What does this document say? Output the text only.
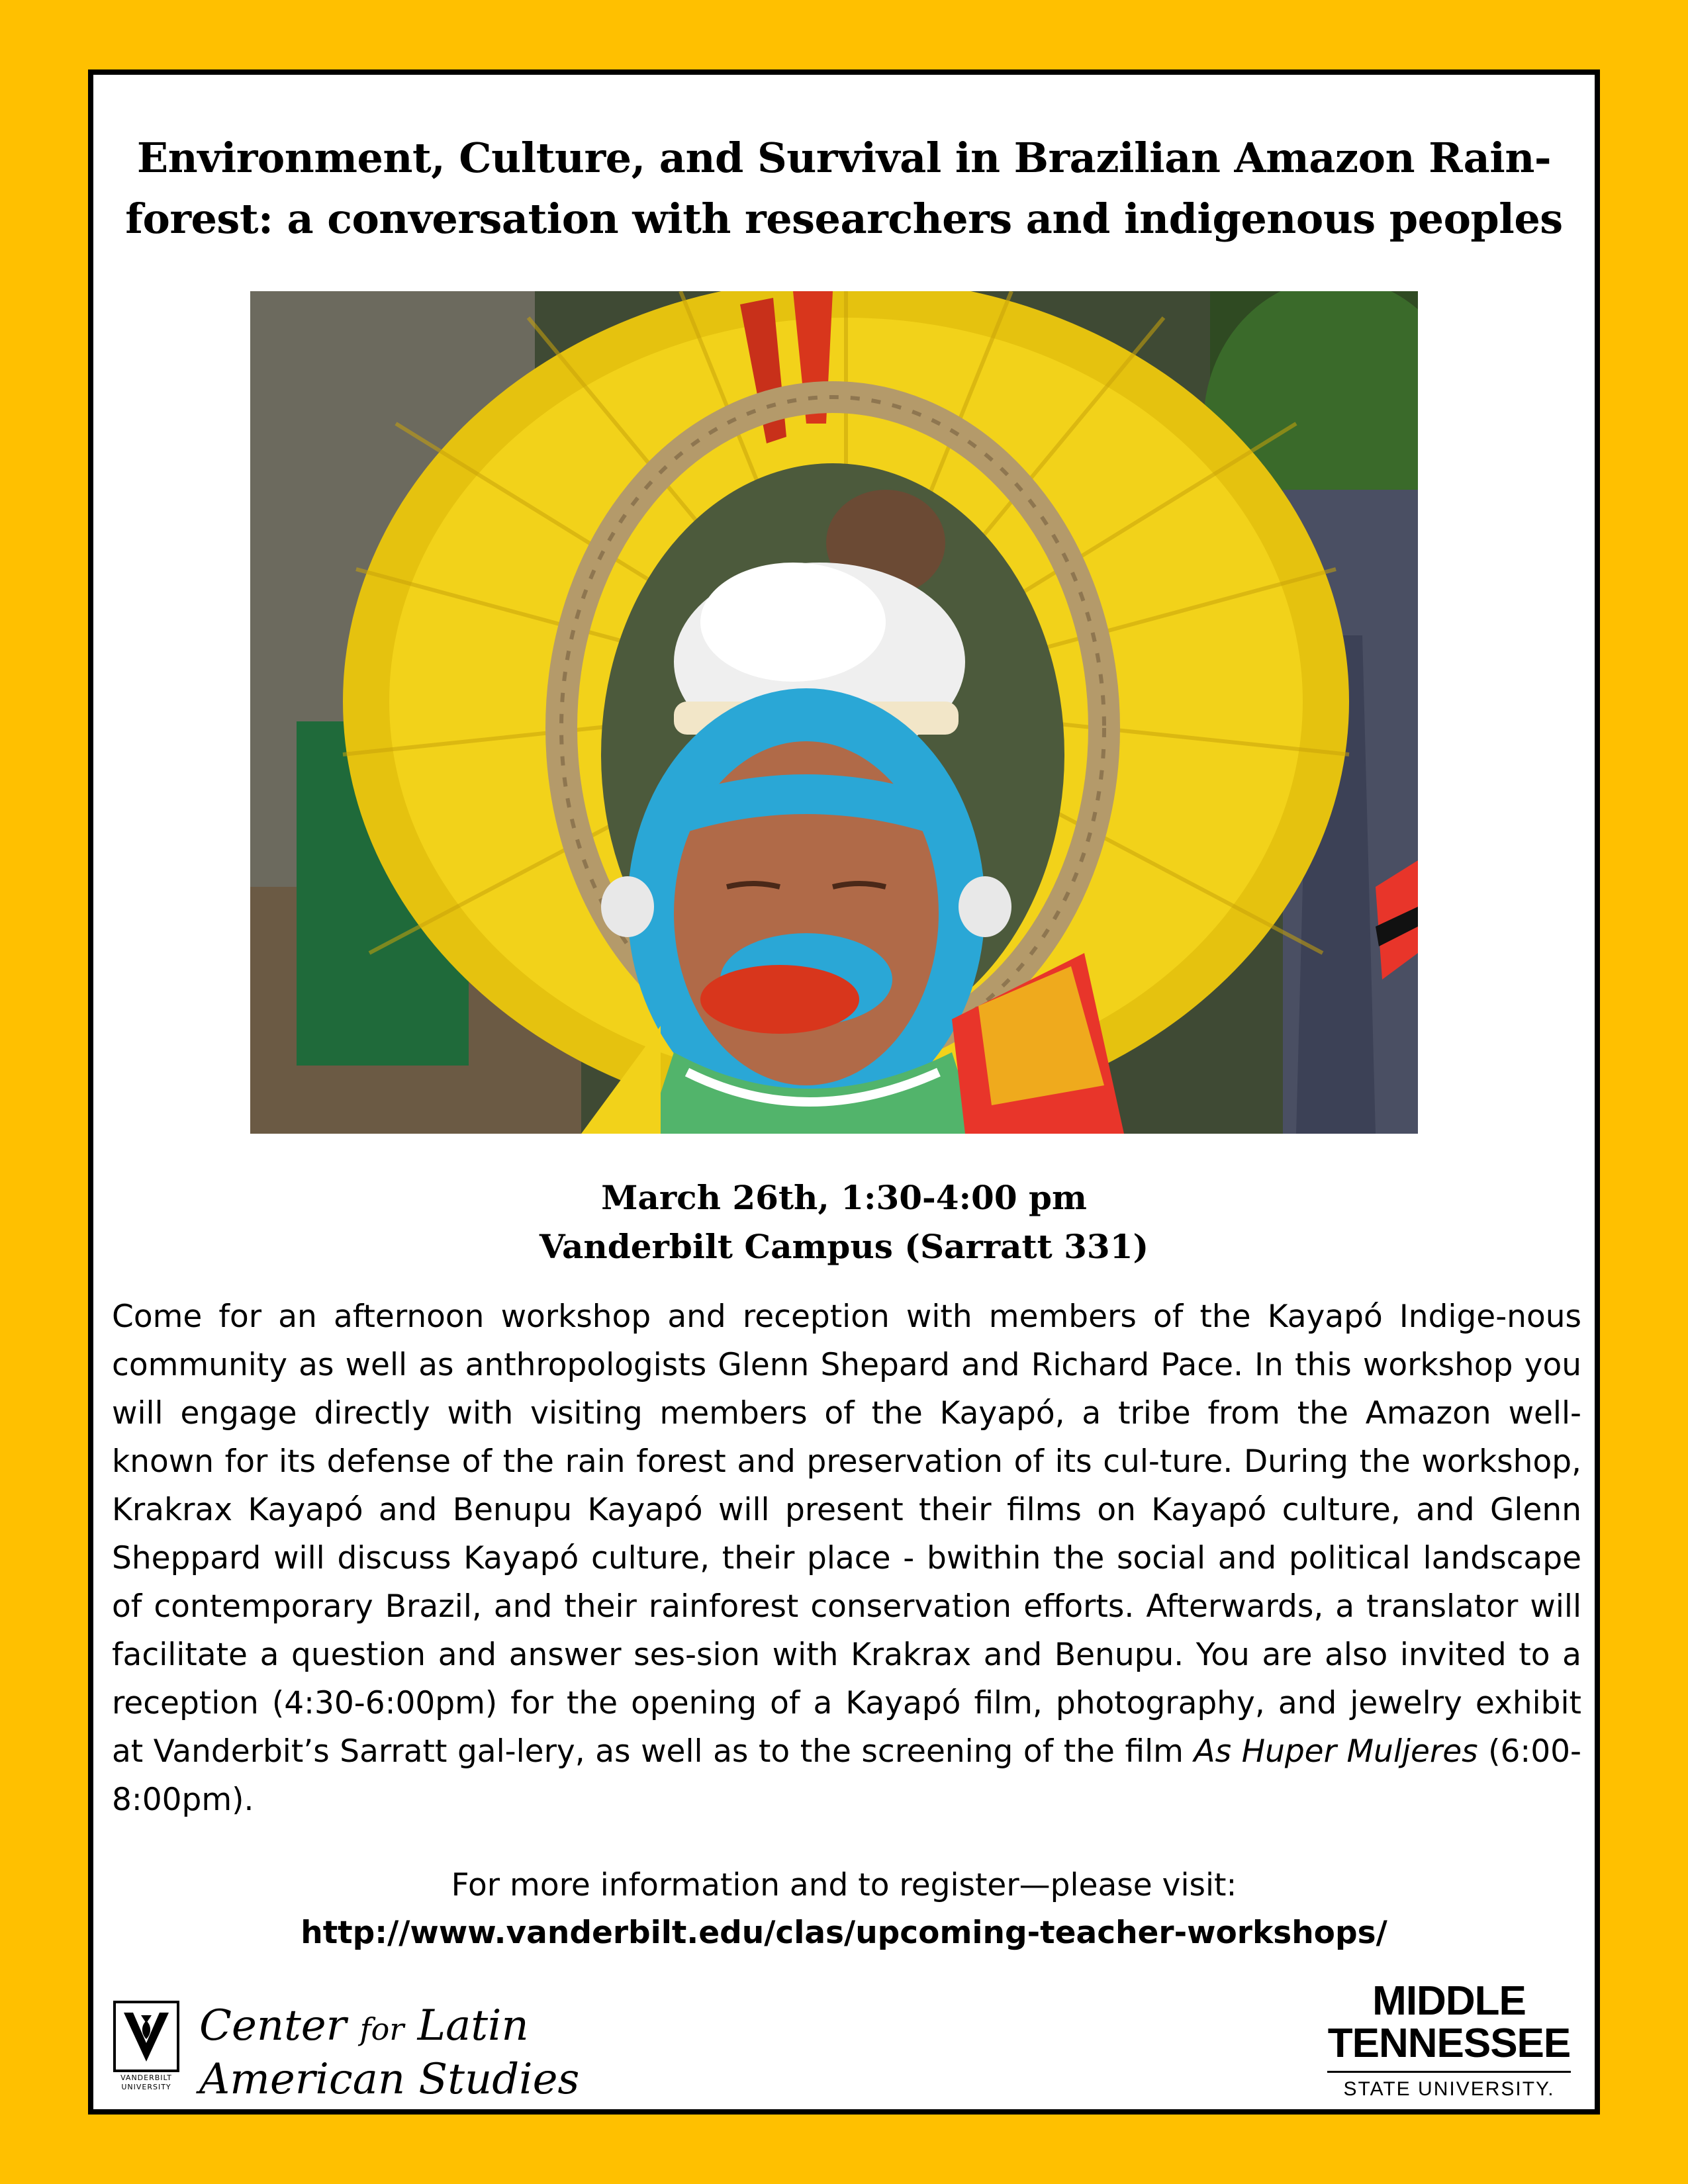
Environment, Culture, and Survival in Brazilian Amazon Rain-
forest: a conversation with researchers and indigenous peoples
March 26th, 1:30-4:00 pm
Vanderbilt Campus (Sarratt 331)
Come for an afternoon workshop and reception with members of the Kayapó Indige-nous community as well as anthropologists Glenn Shepard and Richard Pace. In this workshop you will engage directly with visiting members of the Kayapó, a tribe from the Amazon well-known for its defense of the rain forest and preservation of its cul-ture. During the workshop, Krakrax Kayapó and Benupu Kayapó will present their films on Kayapó culture, and Glenn Sheppard will discuss Kayapó culture, their place - bwithin the social and political landscape of contemporary Brazil, and their rainforest conservation efforts. Afterwards, a translator will facilitate a question and answer ses-sion with Krakrax and Benupu. You are also invited to a reception (4:30-6:00pm) for the opening of a Kayapó film, photography, and jewelry exhibit at Vanderbit’s Sarratt gal-lery, as well as to the screening of the film As Huper Muljeres (6:00-8:00pm).
For more information and to register—please visit:
http://www.vanderbilt.edu/clas/upcoming-teacher-workshops/
VANDERBILT UNIVERSITY
Center for Latin
American Studies
MIDDLE
TENNESSEE
STATE UNIVERSITY.
